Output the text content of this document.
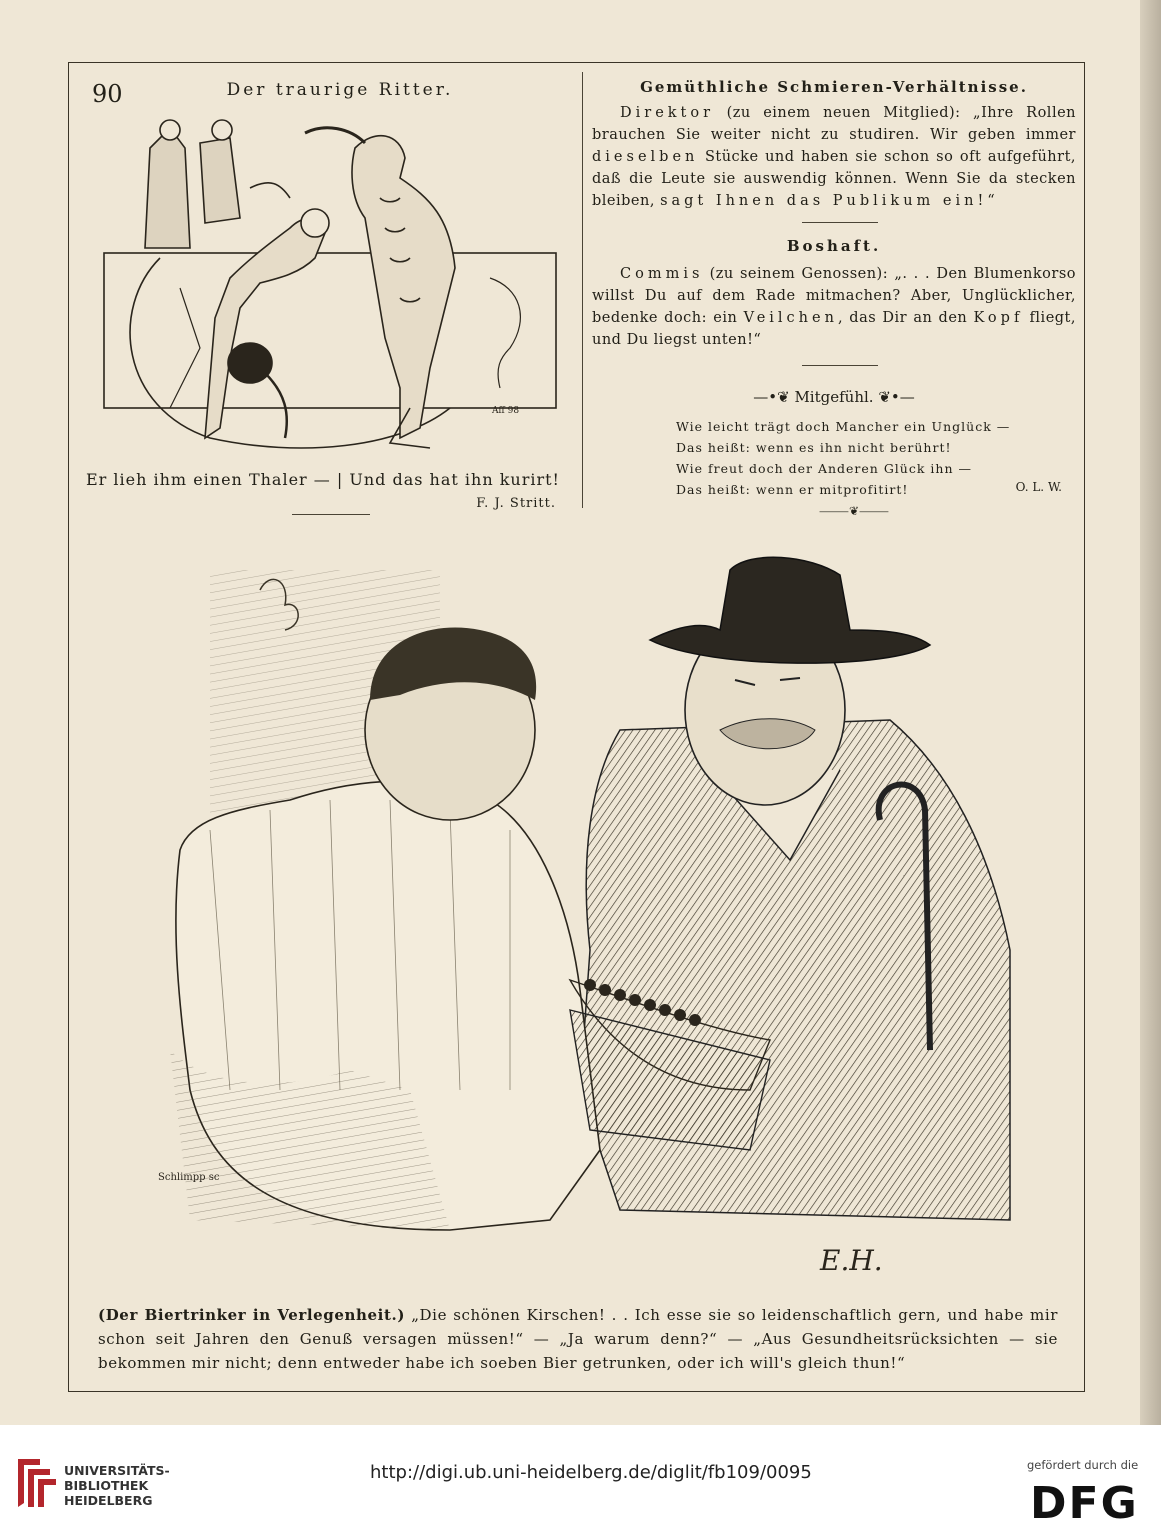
90	Der traurige Ritter.
Aff 98
Er lieh ihm einen Thaler — | Und das hat ihn kurirt!
F. J. Stritt.
Gemüthliche Schmieren-Verhältnisse.

Direktor (zu einem neuen Mitglied): „Ihre Rollen brauchen Sie weiter nicht zu studiren. Wir geben immer dieselben Stücke und haben sie schon so oft aufgeführt, daß die Leute sie auswendig können. Wenn Sie da stecken bleiben, sagt Ihnen das Publikum ein!“

Boshaft.

Commis (zu seinem Genossen): „. . . Den Blumenkorso willst Du auf dem Rade mitmachen? Aber, Unglücklicher, bedenke doch: ein Veilchen, das Dir an den Kopf fliegt, und Du liegst unten!“

—•❦ Mitgefühl. ❦•—
Wie leicht trägt doch Mancher ein Unglück —
Das heißt: wenn es ihn nicht berührt!
Wie freut doch der Anderen Glück ihn —
Das heißt: wenn er mitprofitirt!	O. L. W.
⸻❦⸻
Schlimpp sc
E.H.

(Der Biertrinker in Verlegenheit.) „Die schönen Kirschen! . . Ich esse sie so leidenschaftlich gern, und habe mir schon seit Jahren den Genuß versagen müssen!“ — „Ja warum denn?“ — „Aus Gesundheitsrücksichten — sie bekommen mir nicht; denn entweder habe ich soeben Bier getrunken, oder ich will's gleich thun!“

UNIVERSITÄTS-
BIBLIOTHEK
HEIDELBERG
http://digi.ub.uni-heidelberg.de/diglit/fb109/0095	gefördert durch die
DFG
